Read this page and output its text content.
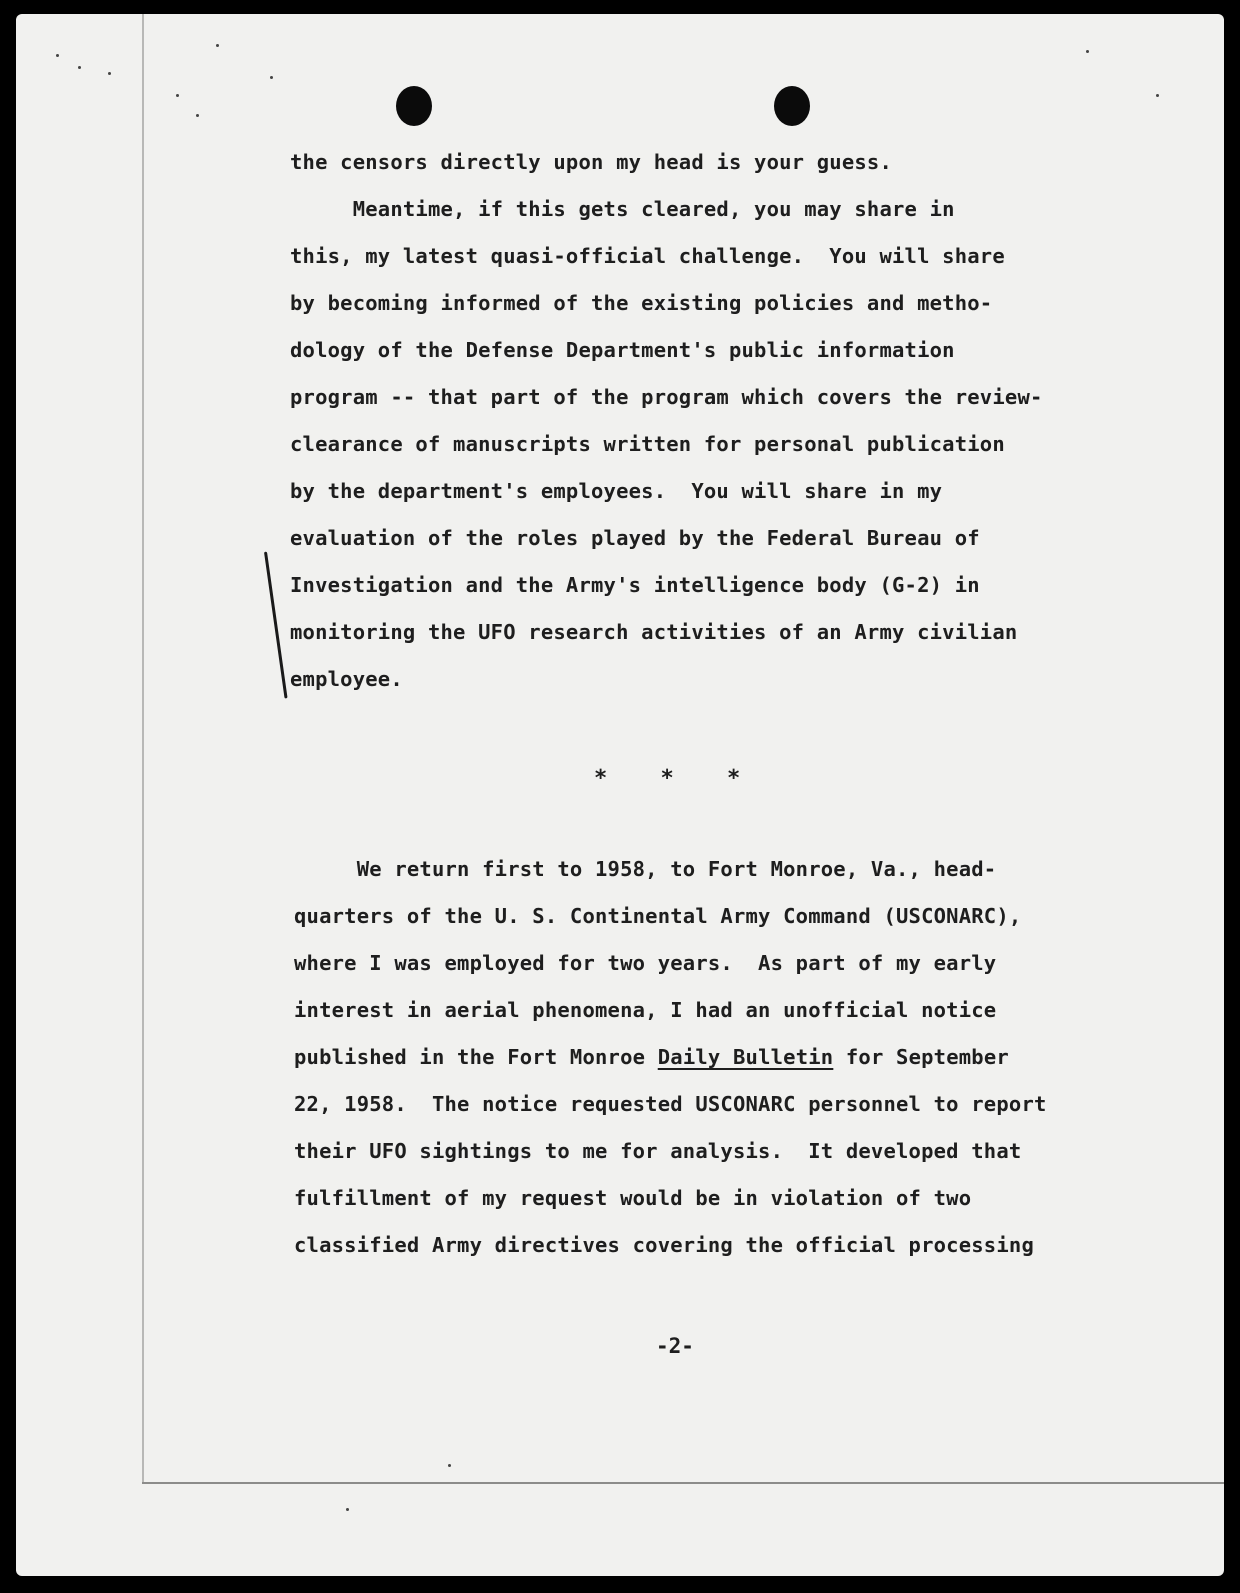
the censors directly upon my head is your guess.

Meantime, if this gets cleared, you may share in

this, my latest quasi-official challenge.  You will share

by becoming informed of the existing policies and metho-

dology of the Defense Department's public information

program -- that part of the program which covers the review-

clearance of manuscripts written for personal publication

by the department's employees.  You will share in my

evaluation of the roles played by the Federal Bureau of

Investigation and the Army's intelligence body (G-2) in

monitoring the UFO research activities of an Army civilian

employee.

* * *

We return first to 1958, to Fort Monroe, Va., head-

quarters of the U. S. Continental Army Command (USCONARC),

where I was employed for two years.  As part of my early

interest in aerial phenomena, I had an unofficial notice

published in the Fort Monroe Daily Bulletin for September

22, 1958.  The notice requested USCONARC personnel to report

their UFO sightings to me for analysis.  It developed that

fulfillment of my request would be in violation of two

classified Army directives covering the official processing

-2-
